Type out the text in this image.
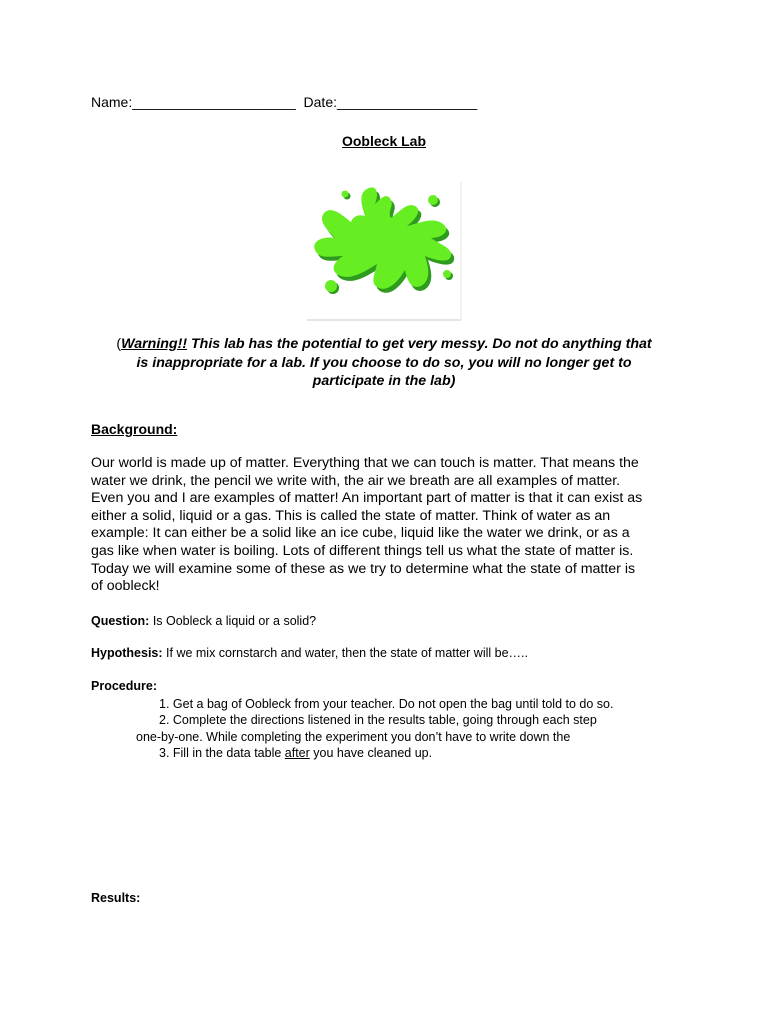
Name:_____________________ Date:__________________
Oobleck Lab
(Warning!! This lab has the potential to get very messy. Do not do anything that
is inappropriate for a lab. If you choose to do so, you will no longer get to
participate in the lab)
Background:
Our world is made up of matter. Everything that we can touch is matter. That means the
water we drink, the pencil we write with, the air we breath are all examples of matter.
Even you and I are examples of matter! An important part of matter is that it can exist as
either a solid, liquid or a gas. This is called the state of matter. Think of water as an
example: It can either be a solid like an ice cube, liquid like the water we drink, or as a
gas like when water is boiling. Lots of different things tell us what the state of matter is.
Today we will examine some of these as we try to determine what the state of matter is
of oobleck!
Question: Is Oobleck a liquid or a solid?
Hypothesis: If we mix cornstarch and water, then the state of matter will be…..
Procedure:
1. Get a bag of Oobleck from your teacher. Do not open the bag until told to do so.
2. Complete the directions listened in the results table, going through each step
one-by-one. While completing the experiment you don’t have to write down the
3. Fill in the data table after you have cleaned up.
Results:
